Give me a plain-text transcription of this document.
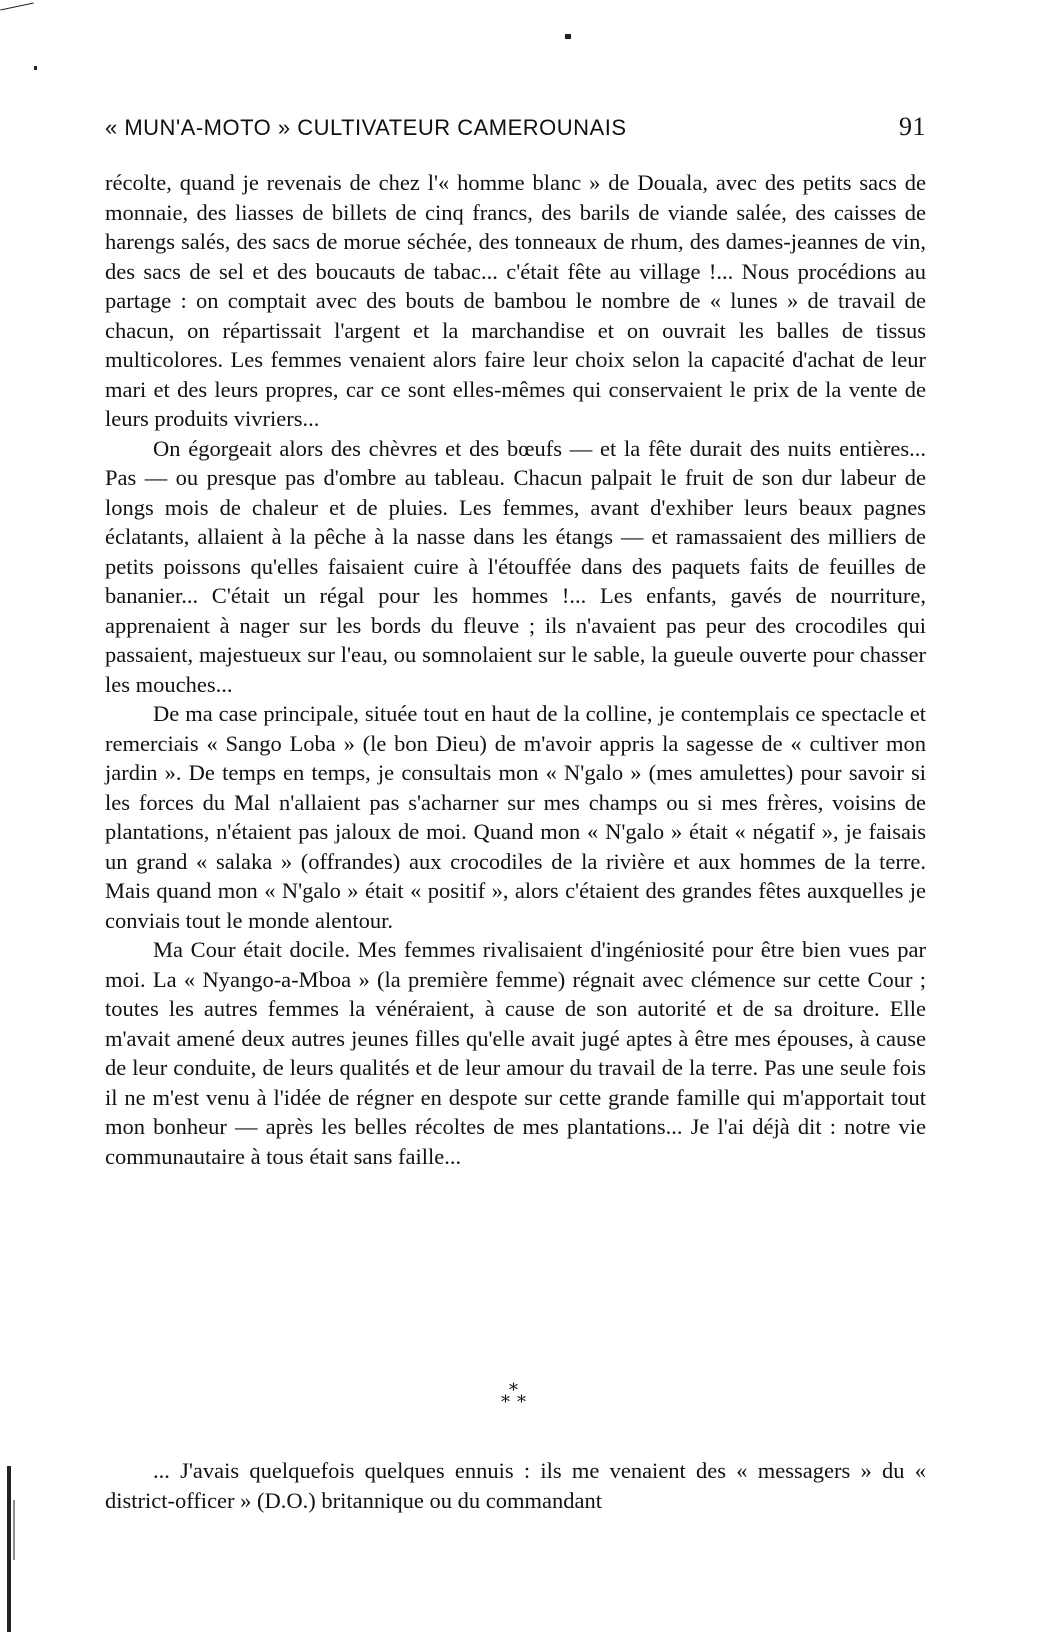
« MUN'A-MOTO » CULTIVATEUR CAMEROUNAIS	91

récolte, quand je revenais de chez l'« homme blanc » de Douala, avec des petits sacs de monnaie, des liasses de billets de cinq francs, des barils de viande salée, des caisses de harengs salés, des sacs de morue séchée, des tonneaux de rhum, des dames-jeannes de vin, des sacs de sel et des boucauts de tabac... c'était fête au village !... Nous procédions au partage : on comptait avec des bouts de bambou le nombre de « lunes » de travail de chacun, on répartissait l'argent et la marchandise et on ouvrait les balles de tissus multicolores. Les femmes venaient alors faire leur choix selon la capacité d'achat de leur mari et des leurs propres, car ce sont elles-mêmes qui conservaient le prix de la vente de leurs produits vivriers...

On égorgeait alors des chèvres et des bœufs — et la fête durait des nuits entières... Pas — ou presque pas d'ombre au tableau. Chacun palpait le fruit de son dur labeur de longs mois de chaleur et de pluies. Les femmes, avant d'exhiber leurs beaux pagnes éclatants, allaient à la pêche à la nasse dans les étangs — et ramassaient des milliers de petits poissons qu'elles faisaient cuire à l'étouffée dans des paquets faits de feuilles de bananier... C'était un régal pour les hommes !... Les enfants, gavés de nourriture, apprenaient à nager sur les bords du fleuve ; ils n'avaient pas peur des crocodiles qui passaient, majestueux sur l'eau, ou somnolaient sur le sable, la gueule ouverte pour chasser les mouches...

De ma case principale, située tout en haut de la colline, je contemplais ce spectacle et remerciais « Sango Loba » (le bon Dieu) de m'avoir appris la sagesse de « cultiver mon jardin ». De temps en temps, je consultais mon « N'galo » (mes amulettes) pour savoir si les forces du Mal n'allaient pas s'acharner sur mes champs ou si mes frères, voisins de plantations, n'étaient pas jaloux de moi. Quand mon « N'galo » était « négatif », je faisais un grand « salaka » (offrandes) aux crocodiles de la rivière et aux hommes de la terre. Mais quand mon « N'galo » était « positif », alors c'étaient des grandes fêtes auxquelles je conviais tout le monde alentour.

Ma Cour était docile. Mes femmes rivalisaient d'ingéniosité pour être bien vues par moi. La « Nyango-a-Mboa » (la première femme) régnait avec clémence sur cette Cour ; toutes les autres femmes la vénéraient, à cause de son autorité et de sa droiture. Elle m'avait amené deux autres jeunes filles qu'elle avait jugé aptes à être mes épouses, à cause de leur conduite, de leurs qualités et de leur amour du travail de la terre. Pas une seule fois il ne m'est venu à l'idée de régner en despote sur cette grande famille qui m'apportait tout mon bonheur — après les belles récoltes de mes plantations... Je l'ai déjà dit : notre vie communautaire à tous était sans faille...

*
* *

... J'avais quelquefois quelques ennuis : ils me venaient des « messagers » du « district-officer » (D.O.) britannique ou du commandant
